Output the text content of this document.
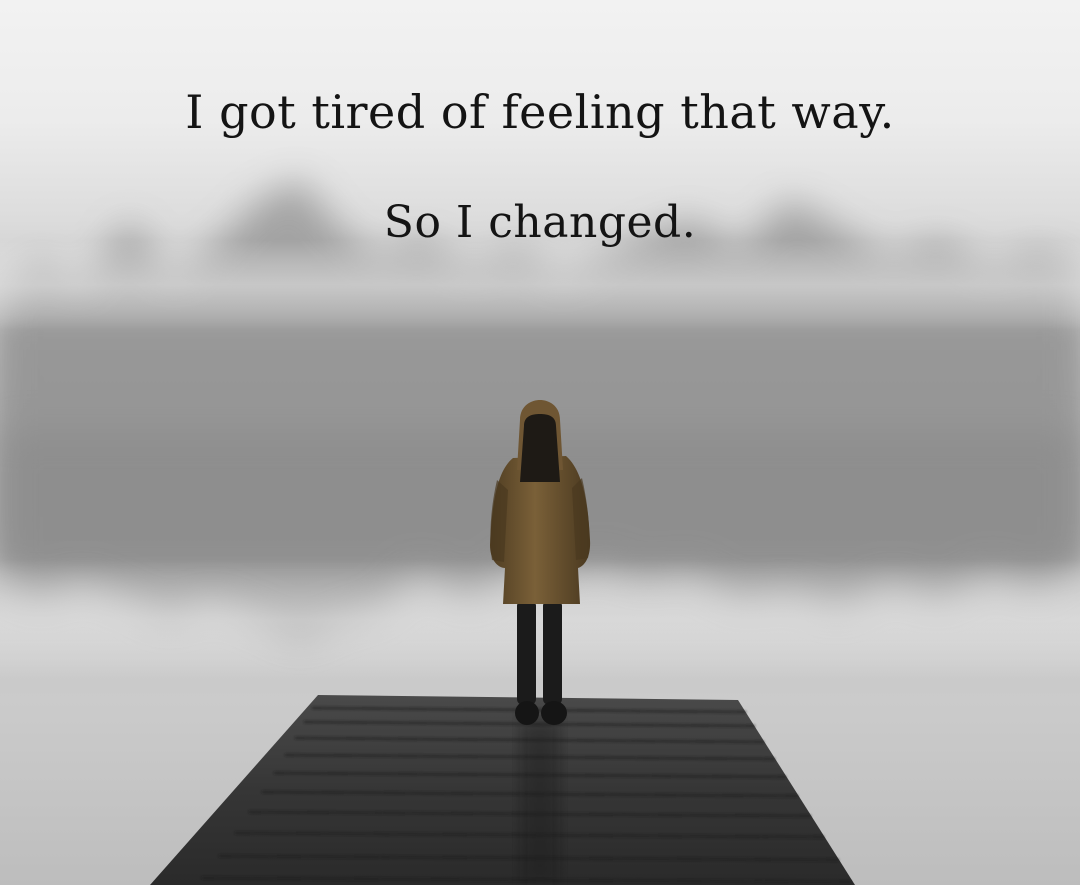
I got tired of feeling that way.
So I changed.
